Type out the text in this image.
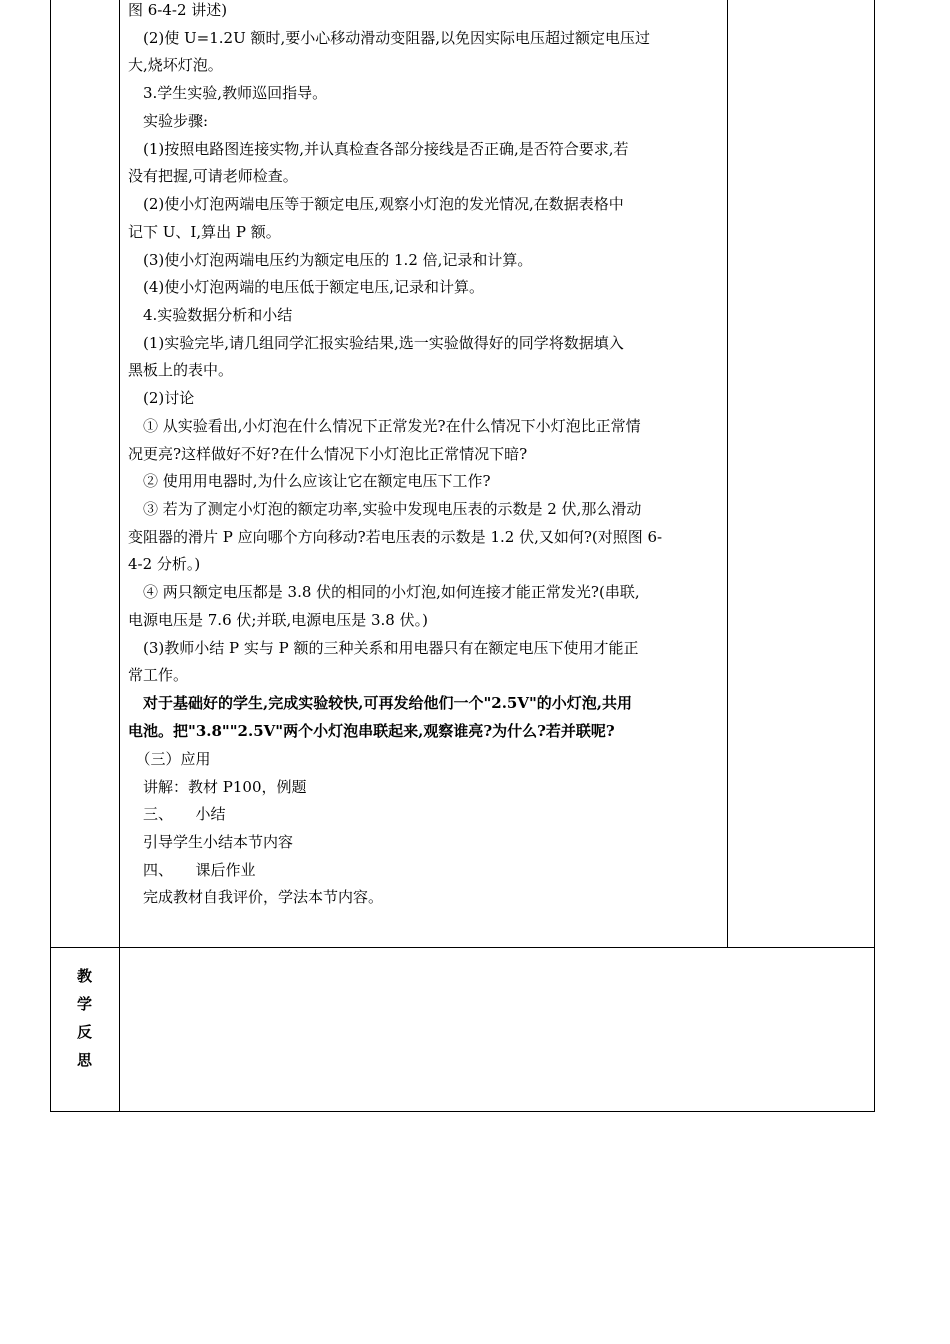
教
学
反
思
图 6-4-2 讲述)
　(2)使 U=1.2U 额时,要小心移动滑动变阻器,以免因实际电压超过额定电压过
大,烧坏灯泡。
　3.学生实验,教师巡回指导。
　实验步骤:
　(1)按照电路图连接实物,并认真检查各部分接线是否正确,是否符合要求,若
没有把握,可请老师检查。
　(2)使小灯泡两端电压等于额定电压,观察小灯泡的发光情况,在数据表格中
记下 U、I,算出 P 额。
　(3)使小灯泡两端电压约为额定电压的 1.2 倍,记录和计算。
　(4)使小灯泡两端的电压低于额定电压,记录和计算。
　4.实验数据分析和小结
　(1)实验完毕,请几组同学汇报实验结果,选一实验做得好的同学将数据填入
黑板上的表中。
　(2)讨论
　① 从实验看出,小灯泡在什么情况下正常发光?在什么情况下小灯泡比正常情
况更亮?这样做好不好?在什么情况下小灯泡比正常情况下暗?
　② 使用用电器时,为什么应该让它在额定电压下工作?
　③ 若为了测定小灯泡的额定功率,实验中发现电压表的示数是 2 伏,那么滑动
变阻器的滑片 P 应向哪个方向移动?若电压表的示数是 1.2 伏,又如何?(对照图 6-
4-2 分析。)
　④ 两只额定电压都是 3.8 伏的相同的小灯泡,如何连接才能正常发光?(串联,
电源电压是 7.6 伏;并联,电源电压是 3.8 伏。)
　(3)教师小结 P 实与 P 额的三种关系和用电器只有在额定电压下使用才能正
常工作。
　对于基础好的学生,完成实验较快,可再发给他们一个"2.5V"的小灯泡,共用
电池。把"3.8""2.5V"两个小灯泡串联起来,观察谁亮?为什么?若并联呢?
　（三）应用
　讲解：教材 P100，例题
　三、　　小结
　引导学生小结本节内容
　四、　　课后作业
　完成教材自我评价，学法本节内容。
